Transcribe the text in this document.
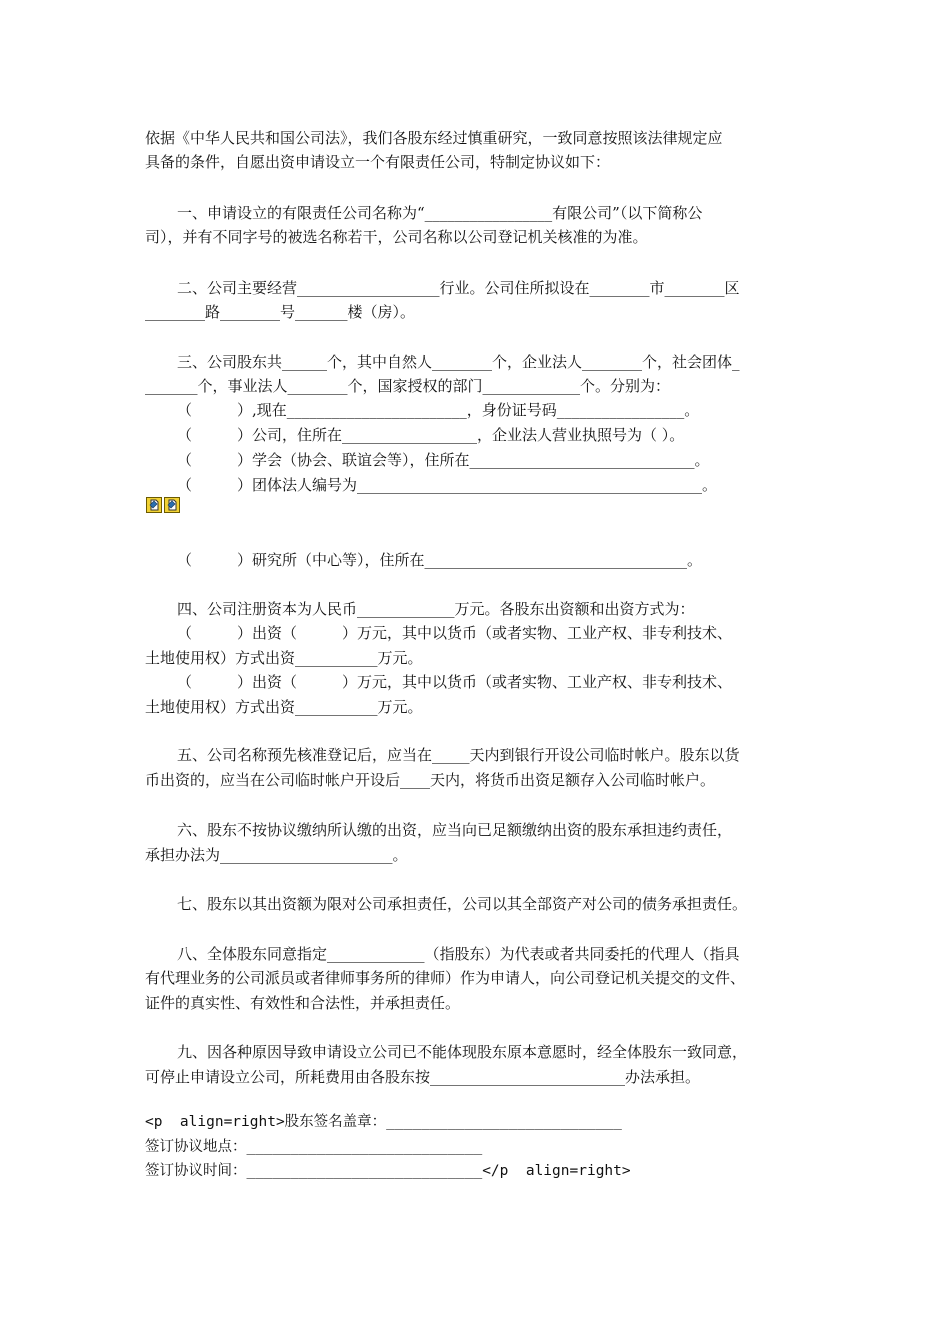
依据《中华人民共和国公司法》，我们各股东经过慎重研究，一致同意按照该法律规定应
具备的条件，自愿出资申请设立一个有限责任公司，特制定协议如下：
一、申请设立的有限责任公司名称为“_________________有限公司”（以下简称公
司），并有不同字号的被选名称若干，公司名称以公司登记机关核准的为准。
二、公司主要经营___________________行业。公司住所拟设在________市________区
________路________号_______楼（房）。
三、公司股东共______个，其中自然人________个，企业法人________个，社会团体_
_______个，事业法人________个，国家授权的部门_____________个。分别为：
（　　　）,现在________________________，身份证号码_________________。
（　　　）公司，住所在__________________，企业法人营业执照号为（ ）。
（　　　）学会（协会、联谊会等），住所在______________________________。
（　　　）团体法人编号为______________________________________________。
（　　　）研究所（中心等），住所在___________________________________。
四、公司注册资本为人民币_____________万元。各股东出资额和出资方式为：
（　　　）出资（　　　）万元，其中以货币（或者实物、工业产权、非专利技术、
土地使用权）方式出资___________万元。
（　　　）出资（　　　）万元，其中以货币（或者实物、工业产权、非专利技术、
土地使用权）方式出资___________万元。
五、公司名称预先核准登记后，应当在_____天内到银行开设公司临时帐户。股东以货
币出资的，应当在公司临时帐户开设后____天内，将货币出资足额存入公司临时帐户。
六、股东不按协议缴纳所认缴的出资，应当向已足额缴纳出资的股东承担违约责任，
承担办法为_______________________。
七、股东以其出资额为限对公司承担责任，公司以其全部资产对公司的债务承担责任。
八、全体股东同意指定_____________（指股东）为代表或者共同委托的代理人（指具
有代理业务的公司派员或者律师事务所的律师）作为申请人，向公司登记机关提交的文件、
证件的真实性、有效性和合法性，并承担责任。
九、因各种原因导致申请设立公司已不能体现股东原本意愿时，经全体股东一致同意，
可停止申请设立公司，所耗费用由各股东按__________________________办法承担。
<p  align=right>股东签名盖章：___________________________
签订协议地点：___________________________
签订协议时间：___________________________</p  align=right>
